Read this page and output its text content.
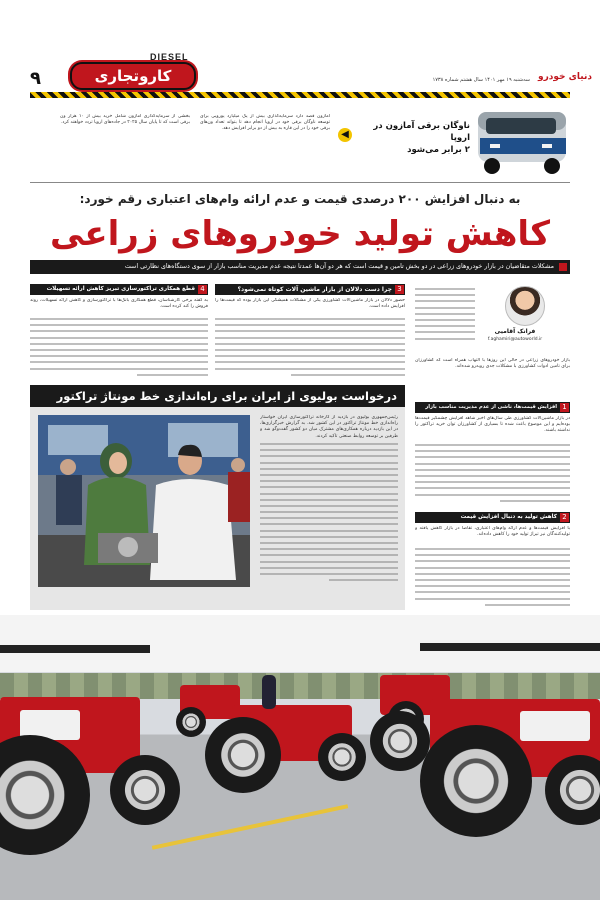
DIESEL
کاروتجاری
۹	سه‌شنبه ۱۹ مهر ۱۴۰۱ سال هشتم شماره ۱۷۳۸ دنیای خودرو
ناوگان برقی آمازون در اروپا
۲ برابر می‌شود
◀
آمازون قصد دارد سرمایه‌گذاری بیش از یک میلیارد یورویی برای توسعه ناوگان برقی خود در اروپا انجام دهد تا بتواند تعداد ون‌های برقی خود را در این قاره به بیش از دو برابر افزایش دهد.
بخشی از سرمایه‌گذاری آمازون شامل خرید بیش از ۱۰ هزار ون برقی است که تا پایان سال ۲۰۲۵ در جاده‌های اروپا تردد خواهند کرد.
به دنبال افزایش ۲۰۰ درصدی قیمت و عدم ارائه وام‌های اعتباری رقم خورد:
کاهش تولید خودروهای زراعی
مشکلات متقاضیان در بازار خودروهای زراعی در دو بخش تامین و قیمت است که هر دو آن‌ها عمدتا نتیجه عدم مدیریت مناسب بازار از سوی دستگاه‌های نظارتی است
فرانک آقامیی
f.aghamiri@autoworld.ir
بازار خودروهای زراعی در حالی این روزها با التهاب همراه است که کشاورزان برای تامین ادوات کشاورزی با مشکلات جدی روبه‌رو شده‌اند.
3
چرا دست دلالان از بازار ماشین آلات کوتاه نمی‌شود؟
حضور دلالان در بازار ماشین‌آلات کشاورزی یکی از مشکلات همیشگی این بازار بوده که قیمت‌ها را افزایش داده است.
4
قطع همکاری تراکتورسازی تبریز کاهش ارائه تسهیلات
به گفته برخی کارشناسان، قطع همکاری بانک‌ها با تراکتورسازی و کاهش ارائه تسهیلات، روند فروش را کند کرده است.
درخواست بولیوی از ایران برای راه‌اندازی خط مونتاژ تراکتور
رئیس‌جمهوری بولیوی در بازدید از کارخانه تراکتورسازی ایران خواستار راه‌اندازی خط مونتاژ تراکتور در این کشور شد. به گزارش خبرگزاری‌ها، در این بازدید درباره همکاری‌های مشترک میان دو کشور گفت‌وگو شد و طرفین بر توسعه روابط صنعتی تاکید کردند.
1
افزایش قیمت‌ها، ناشی از عدم مدیریت مناسب بازار
در بازار ماشین‌آلات کشاورزی طی سال‌های اخیر شاهد افزایش چشمگیر قیمت‌ها بوده‌ایم و این موضوع باعث شده تا بسیاری از کشاورزان توان خرید تراکتور را نداشته باشند.
2
کاهش تولید به دنبال افزایش قیمت
با افزایش قیمت‌ها و عدم ارائه وام‌های اعتباری، تقاضا در بازار کاهش یافته و تولیدکنندگان نیز تیراژ تولید خود را کاهش داده‌اند.
